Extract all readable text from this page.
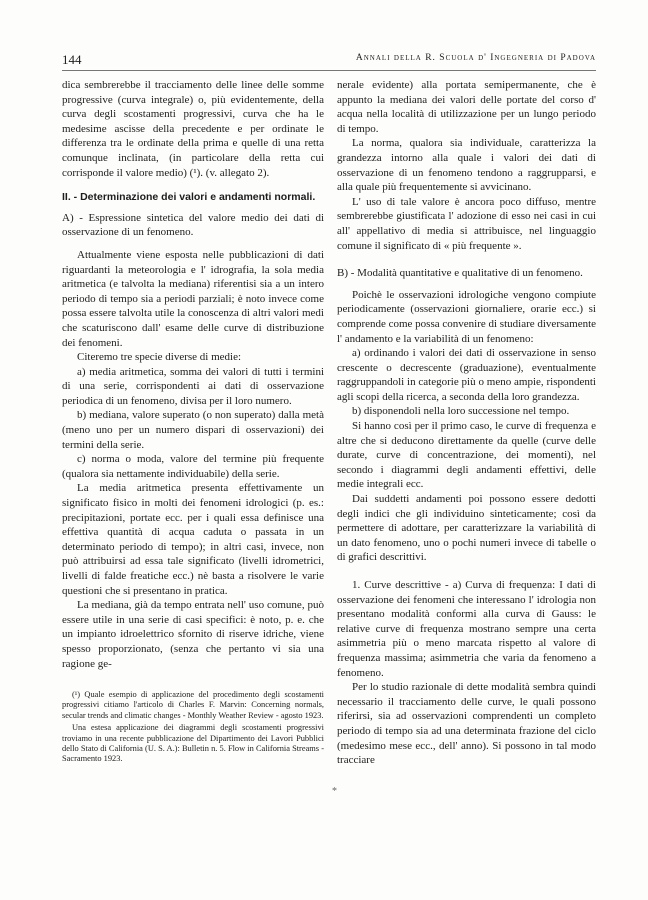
144	Annali della R. Scuola d' Ingegneria di Padova

dica sembrerebbe il tracciamento delle linee delle somme progressive (curva integrale) o, più evidentemente, della curva degli scostamenti progressivi, curva che ha le medesime ascisse della precedente e per ordinate le differenza tra le ordinate della prima e quelle di una retta comunque inclinata, (in particolare della retta cui corrisponde il valore medio) (¹). (v. allegato 2).

II. - Determinazione dei valori e andamenti normali.

A) - Espressione sintetica del valore medio dei dati di osservazione di un fenomeno.

Attualmente viene esposta nelle pubblicazioni di dati riguardanti la meteorologia e l' idrografia, la sola media aritmetica (e talvolta la mediana) riferentisi sia a un intero periodo di tempo sia a periodi parziali; è noto invece come possa essere talvolta utile la conoscenza di altri valori medi che scaturiscono dall' esame delle curve di distribuzione dei fenomeni.

Citeremo tre specie diverse di medie:

a) media aritmetica, somma dei valori di tutti i termini di una serie, corrispondenti ai dati di osservazione periodica di un fenomeno, divisa per il loro numero.

b) mediana, valore superato (o non superato) dalla metà (meno uno per un numero dispari di osservazioni) dei termini della serie.

c) norma o moda, valore del termine più frequente (qualora sia nettamente individuabile) della serie.

La media aritmetica presenta effettivamente un significato fisico in molti dei fenomeni idrologici (p. es.: precipitazioni, portate ecc. per i quali essa definisce una effettiva quantità di acqua caduta o passata in un determinato periodo di tempo); in altri casi, invece, non può attribuirsi ad essa tale significato (livelli idrometrici, livelli di falde freatiche ecc.) nè basta a risolvere le varie questioni che si presentano in pratica.

La mediana, già da tempo entrata nell' uso comune, può essere utile in una serie di casi specifici: è noto, p. e. che un impianto idroelettrico sfornito di riserve idriche, viene spesso proporzionato, (senza che pertanto vi sia una ragione ge-

(¹) Quale esempio di applicazione del procedimento degli scostamenti progressivi citiamo l'articolo di Charles F. Marvin: Concerning normals, secular trends and climatic changes - Monthly Weather Review - agosto 1923.

Una estesa applicazione dei diagrammi degli scostamenti progressivi troviamo in una recente pubblicazione del Dipartimento dei Lavori Pubblici dello Stato di California (U. S. A.): Bulletin n. 5. Flow in California Streams - Sacramento 1923.

nerale evidente) alla portata semipermanente, che è appunto la mediana dei valori delle portate del corso d' acqua nella località di utilizzazione per un lungo periodo di tempo.

La norma, qualora sia individuale, caratterizza la grandezza intorno alla quale i valori dei dati di osservazione di un fenomeno tendono a raggrupparsi, e alla quale più frequentemente si avvicinano.

L' uso di tale valore è ancora poco diffuso, mentre sembrerebbe giustificata l' adozione di esso nei casi in cui all' appellativo di media si attribuisce, nel linguaggio comune il significato di « più frequente ».

B) - Modalità quantitative e qualitative di un fenomeno.

Poichè le osservazioni idrologiche vengono compiute periodicamente (osservazioni giornaliere, orarie ecc.) si comprende come possa convenire di studiare diversamente l' andamento e la variabilità di un fenomeno:

a) ordinando i valori dei dati di osservazione in senso crescente o decrescente (graduazione), eventualmente raggruppandoli in categorie più o meno ampie, rispondenti agli scopi della ricerca, a seconda della loro grandezza.

b) disponendoli nella loro successione nel tempo.

Si hanno così per il primo caso, le curve di frequenza e altre che si deducono direttamente da quelle (curve delle durate, curve di concentrazione, dei momenti), nel secondo i diagrammi degli andamenti effettivi, delle medie integrali ecc.

Dai suddetti andamenti poi possono essere dedotti degli indici che gli individuino sinteticamente; così da permettere di adottare, per caratterizzare la variabilità di un dato fenomeno, uno o pochi numeri invece di tabelle o di grafici descrittivi.

1. Curve descrittive - a) Curva di frequenza: I dati di osservazione dei fenomeni che interessano l' idrologia non presentano modalità conformi alla curva di Gauss: le relative curve di frequenza mostrano sempre una certa asimmetria più o meno marcata rispetto al valore di frequenza massima; asimmetria che varia da fenomeno a fenomeno.

Per lo studio razionale di dette modalità sembra quindi necessario il tracciamento delle curve, le quali possono riferirsi, sia ad osservazioni comprendenti un completo periodo di tempo sia ad una determinata frazione del ciclo (medesimo mese ecc., dell' anno). Si possono in tal modo tracciare

*
